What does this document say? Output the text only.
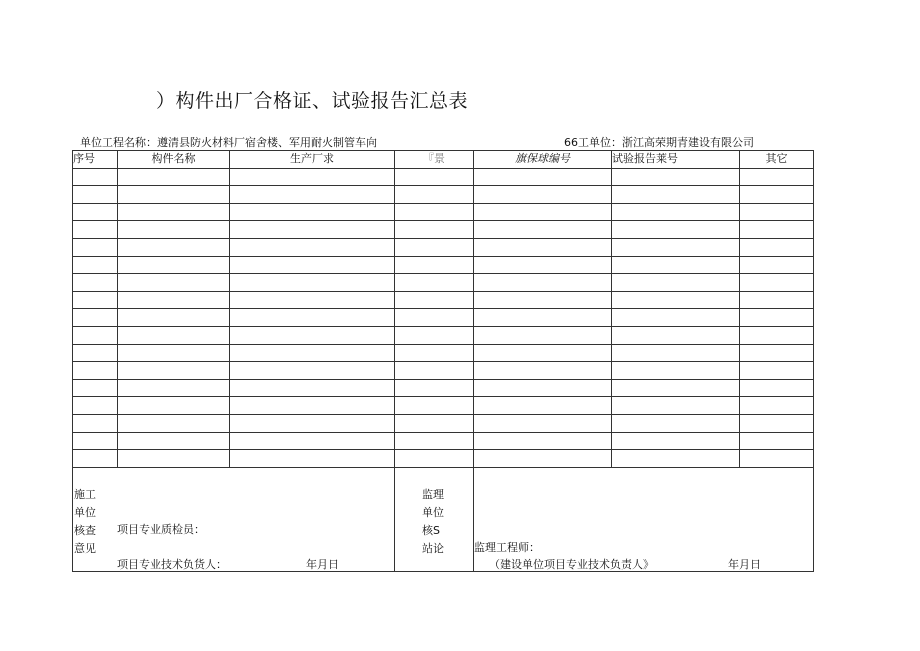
）构件出厂合格证、试验报告汇总表
单位工程名称：遵清县防火材料厂宿舍楼、军用耐火制管车向	66工单位：浙江高荣期青建设有限公司
序号	构件名称	生产厂求	『景	旗保球编号	试验报告莱号	其它

施工
单位
核查
意见
项目专业质检员：
项目专业技术负货人：	年月日

监理
单位
核S
站论	监理工程师：
（建设单位项目专业技术负责人》	年月日
